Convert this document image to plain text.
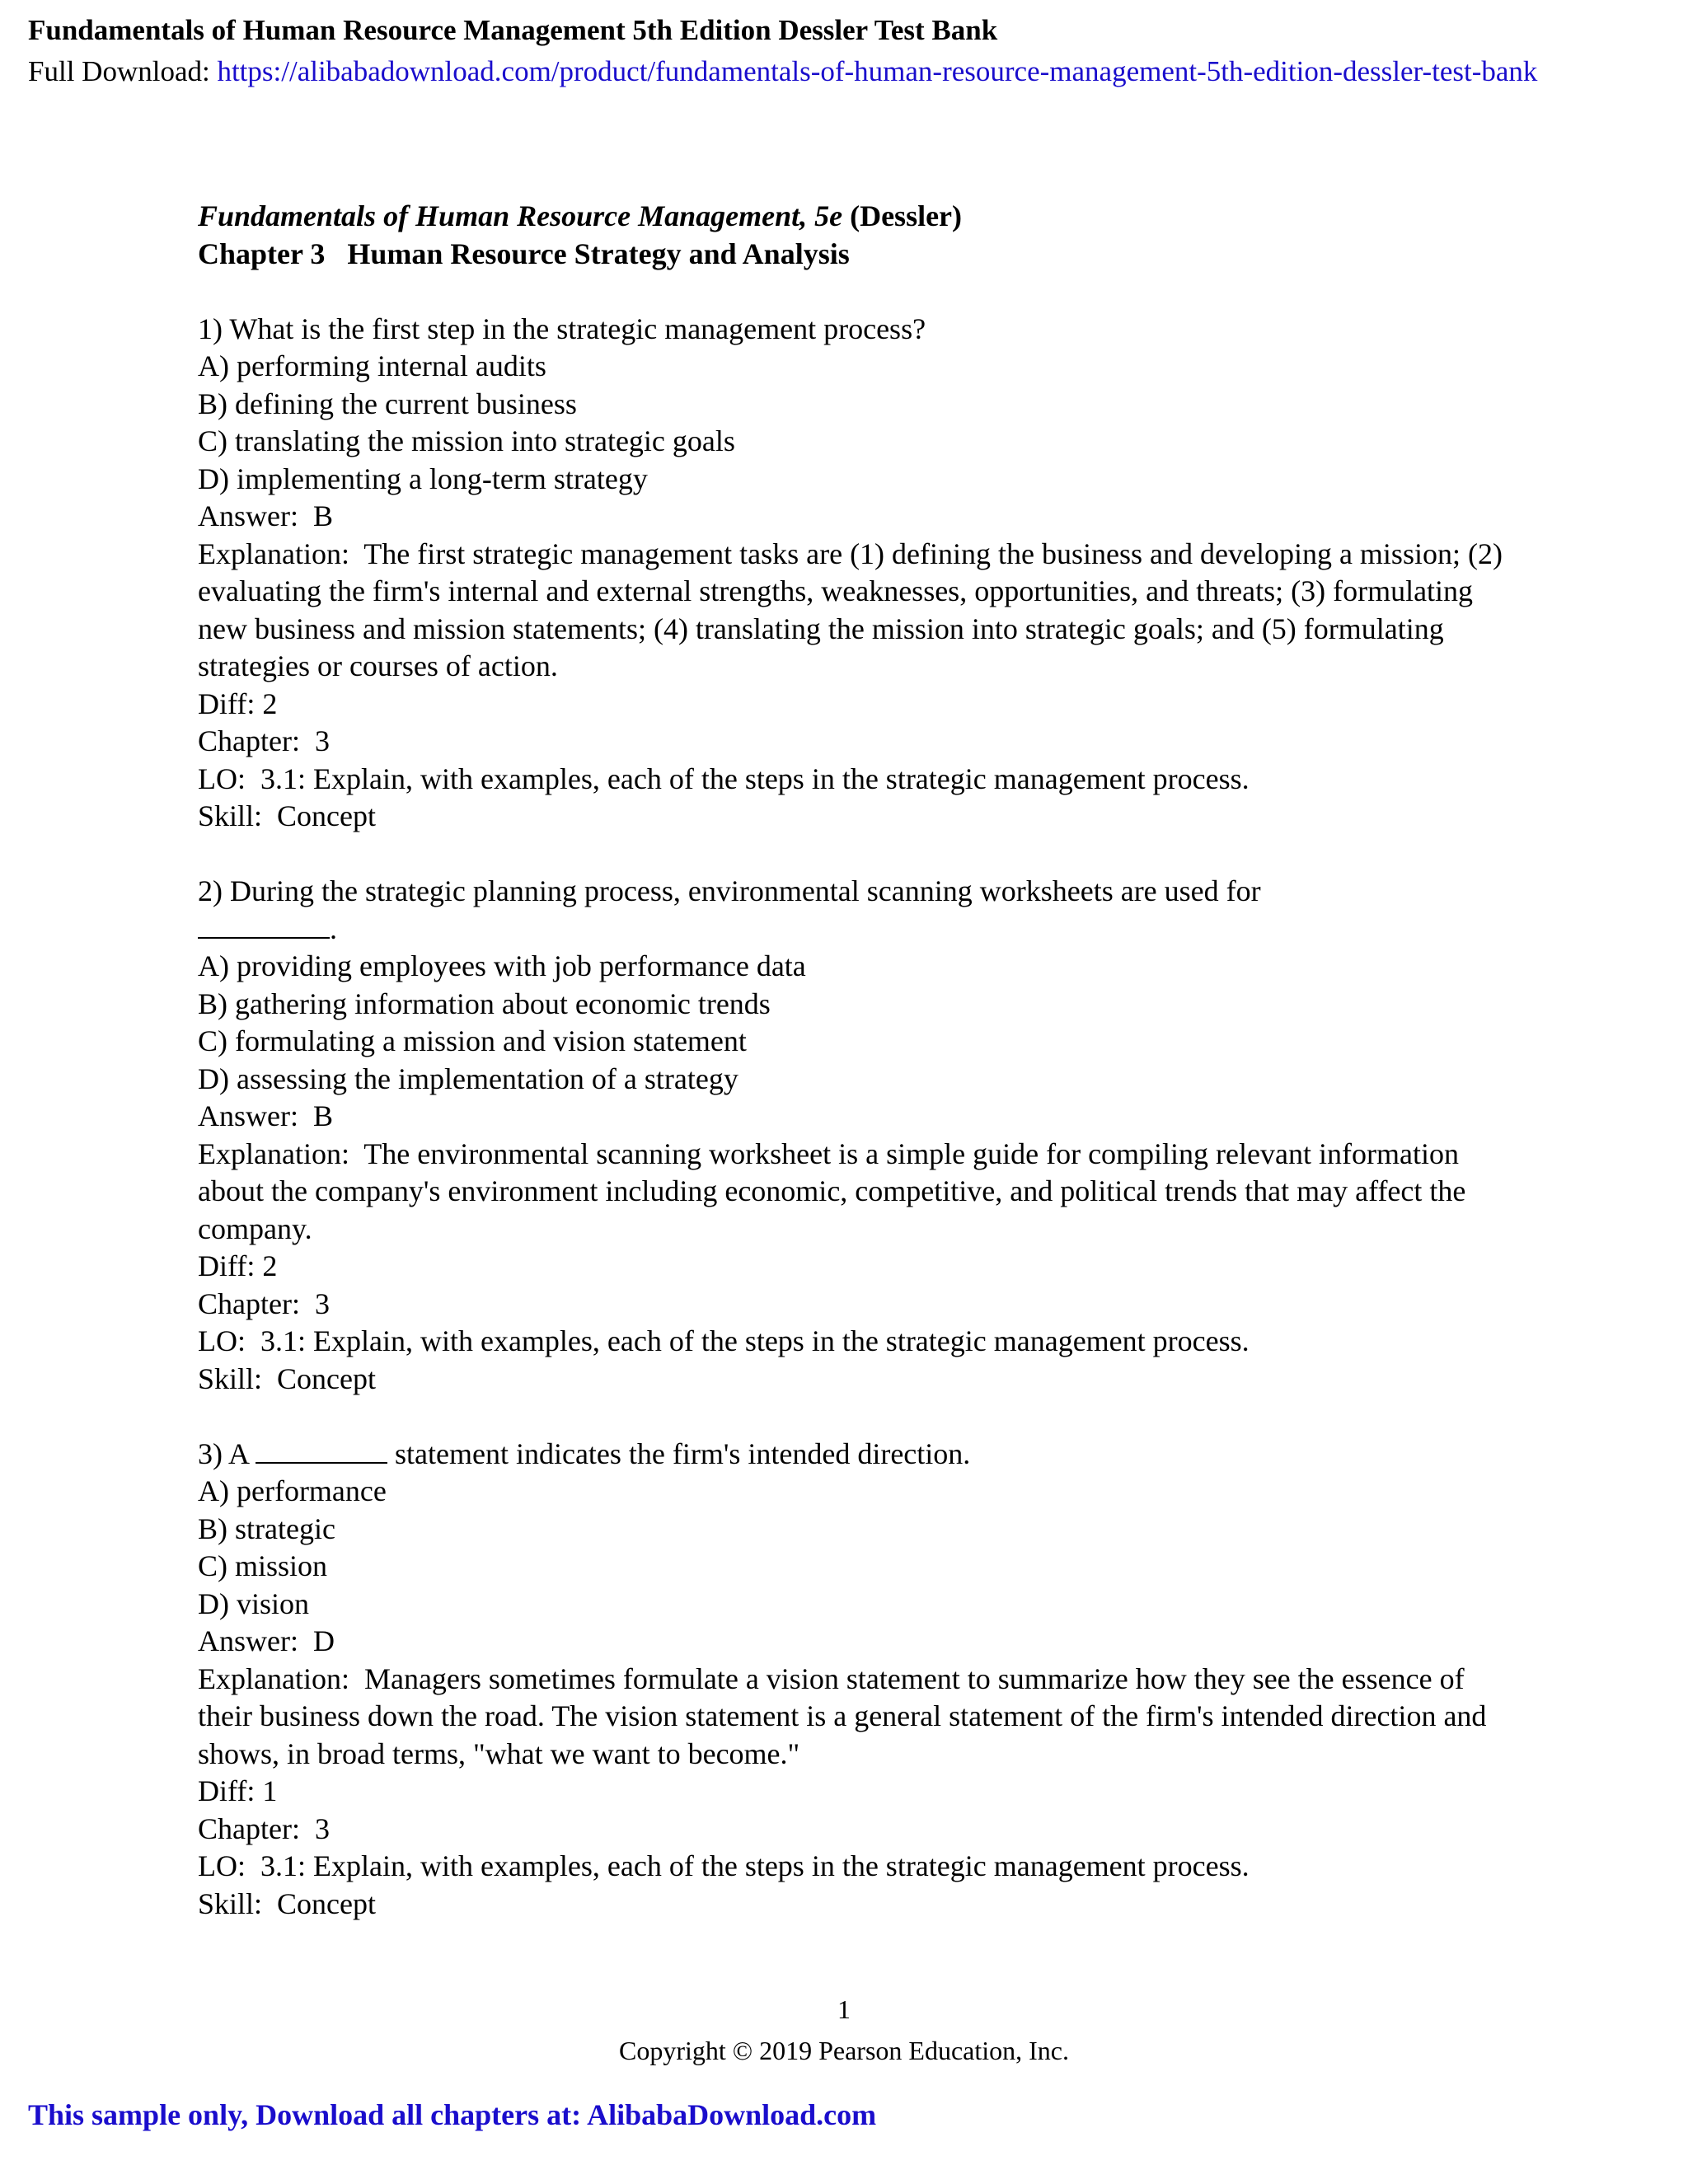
Fundamentals of Human Resource Management 5th Edition Dessler Test Bank
Full Download: https://alibabadownload.com/product/fundamentals-of-human-resource-management-5th-edition-dessler-test-bank
Fundamentals of Human Resource Management, 5e (Dessler)
Chapter 3   Human Resource Strategy and Analysis
1) What is the first step in the strategic management process?
A) performing internal audits
B) defining the current business
C) translating the mission into strategic goals
D) implementing a long-term strategy
Answer:  B
Explanation:  The first strategic management tasks are (1) defining the business and developing a mission; (2) evaluating the firm's internal and external strengths, weaknesses, opportunities, and threats; (3) formulating new business and mission statements; (4) translating the mission into strategic goals; and (5) formulating strategies or courses of action.
Diff: 2
Chapter:  3
LO:  3.1: Explain, with examples, each of the steps in the strategic management process.
Skill:  Concept
2) During the strategic planning process, environmental scanning worksheets are used for
.
A) providing employees with job performance data
B) gathering information about economic trends
C) formulating a mission and vision statement
D) assessing the implementation of a strategy
Answer:  B
Explanation:  The environmental scanning worksheet is a simple guide for compiling relevant information about the company's environment including economic, competitive, and political trends that may affect the company.
Diff: 2
Chapter:  3
LO:  3.1: Explain, with examples, each of the steps in the strategic management process.
Skill:  Concept
3) A	statement indicates the firm's intended direction.
A) performance
B) strategic
C) mission
D) vision
Answer:  D
Explanation:  Managers sometimes formulate a vision statement to summarize how they see the essence of their business down the road. The vision statement is a general statement of the firm's intended direction and shows, in broad terms, "what we want to become."
Diff: 1
Chapter:  3
LO:  3.1: Explain, with examples, each of the steps in the strategic management process.
Skill:  Concept
1
Copyright © 2019 Pearson Education, Inc.
This sample only, Download all chapters at: AlibabaDownload.com
